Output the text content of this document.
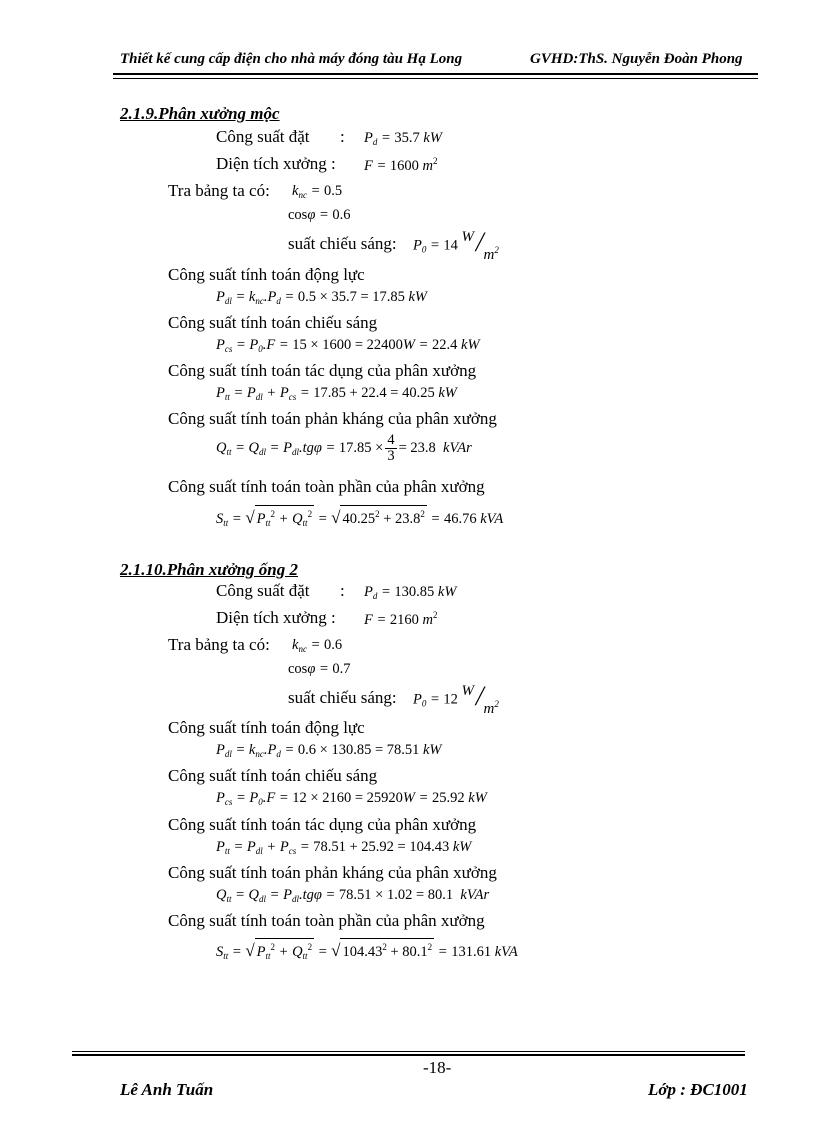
Thiết kế cung cấp điện cho nhà máy đóng tàu Hạ Long	GVHD:ThS. Nguyễn Đoàn Phong
2.1.9.Phân xưởng mộc
Công suất đặt : $P_d = 35.7$ kW
Diện tích xưởng : F = 1600 $m^2$
Tra bảng ta có: $k_{nc} = 0.5$
cosφ = 0.6
suất chiếu sáng: $P_0 = 14$
W
/
$m^2$
Công suất tính toán động lực
$P_{dl} = k_{nc}.P_d = 0.5 \times 35.7 = 17.85$ kW
Công suất tính toán chiếu sáng
$P_{cs} = P_0.F = 15 \times 1600 = 22400W = 22.4$ kW
Công suất tính toán tác dụng của phân xưởng
$P_{tt} = P_{dl} + P_{cs} = 17.85 + 22.4 = 40.25$ kW
Công suất tính toán phản kháng của phân xưởng
$Q_{tt} = Q_{dl} = P_{dl}.tg\varphi = 17.85 \times \frac{4}{3} = 23.8$  kVAr
Công suất tính toán toàn phần của phân xưởng
$S_{tt}$ = √ $P_{tt}^2 + Q_{tt}^2$ = √ $40.25^2 + 23.8^2 = 46.76$ kVA
2.1.10.Phân xưởng ống 2
Công suất đặt : $P_d = 130.85$ kW
Diện tích xưởng : F = 2160 $m^2$
Tra bảng ta có: $k_{nc} = 0.6$
cosφ = 0.7
suất chiếu sáng: $P_0 = 12$
W
/
$m^2$
Công suất tính toán động lực
$P_{dl} = k_{nc}.P_d = 0.6 \times 130.85 = 78.51$ kW
Công suất tính toán chiếu sáng
$P_{cs} = P_0.F = 12 \times 2160 = 25920W = 25.92$ kW
Công suất tính toán tác dụng của phân xưởng
$P_{tt} = P_{dl} + P_{cs} = 78.51 + 25.92 = 104.43$ kW
Công suất tính toán phản kháng của phân xưởng
$Q_{tt} = Q_{dl} = P_{dl}.tg\varphi = 78.51 \times 1.02 = 80.1$  kVAr
Công suất tính toán toàn phần của phân xưởng
$S_{tt}$ = √ $P_{tt}^2 + Q_{tt}^2$ = √ $104.43^2 + 80.1^2 = 131.61$ kVA
-18-
Lê Anh Tuấn	Lớp : ĐC1001
